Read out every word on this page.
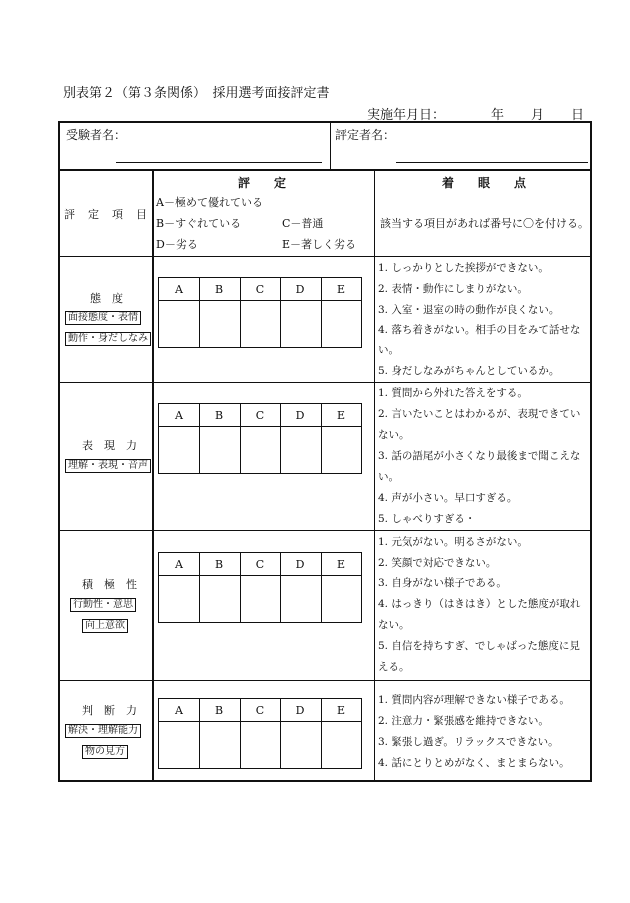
別表第２（第３条関係）　採用選考面接評定書
実施年月日：	年 月 日
受験者名：	評定者名：
評　定　項　目
評　　定
A－極めて優れている
B－すぐれている	C－普通
D－劣る	E－著しく劣る
着　　眼　　点
該当する項目があれば番号に〇を付ける。
態　度
面接態度・表情
動作・身だしなみ
A	B	C	D	E
1. しっかりとした挨拶ができない。
2. 表情・動作にしまりがない。
3. 入室・退室の時の動作が良くない。
4. 落ち着きがない。相手の目をみて話せな
い。
5. 身だしなみがちゃんとしているか。
表　現　力
理解・表現・音声
A	B	C	D	E
1. 質問から外れた答えをする。
2. 言いたいことはわかるが、表現できてい
ない。
3. 話の語尾が小さくなり最後まで聞こえな
い。
4. 声が小さい。早口すぎる。
5. しゃべりすぎる・
積　極　性
行動性・意思
向上意欲
A	B	C	D	E
1. 元気がない。明るさがない。
2. 笑顔で対応できない。
3. 自身がない様子である。
4. はっきり（はきはき）とした態度が取れ
ない。
5. 自信を持ちすぎ、でしゃばった態度に見
える。
判　断　力
解決・理解能力
物の見方
A	B	C	D	E
1. 質問内容が理解できない様子である。
2. 注意力・緊張感を維持できない。
3. 緊張し過ぎ。リラックスできない。
4. 話にとりとめがなく、まとまらない。
